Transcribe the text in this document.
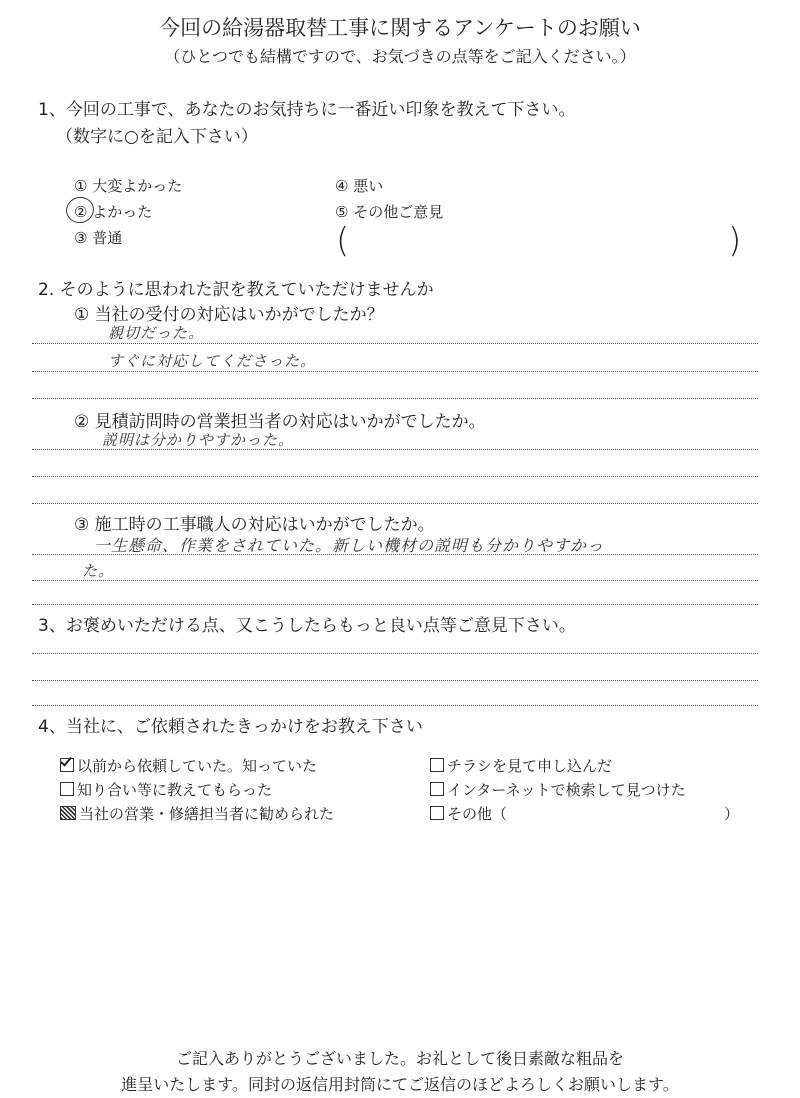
今回の給湯器取替工事に関するアンケートのお願い
（ひとつでも結構ですので、お気づきの点等をご記入ください。）
1、今回の工事で、あなたのお気持ちに一番近い印象を教えて下さい。
（数字に○を記入下さい）
① 大変よかった
② よかった
③ 普通
④ 悪い
⑤ その他ご意見
(	)
2. そのように思われた訳を教えていただけませんか
① 当社の受付の対応はいかがでしたか？
親切だった。
すぐに対応してくださった。
② 見積訪問時の営業担当者の対応はいかがでしたか。
説明は分かりやすかった。
③ 施工時の工事職人の対応はいかがでしたか。
一生懸命、作業をされていた。新しい機材の説明も分かりやすかっ
た。
3、お褒めいただける点、又こうしたらもっと良い点等ご意見下さい。
4、当社に、ご依頼されたきっかけをお教え下さい
以前から依頼していた。知っていた
知り合い等に教えてもらった
当社の営業・修繕担当者に勧められた
チラシを見て申し込んだ
インターネットで検索して見つけた
その他（	）
ご記入ありがとうございました。お礼として後日素敵な粗品を
進呈いたします。同封の返信用封筒にてご返信のほどよろしくお願いします。
